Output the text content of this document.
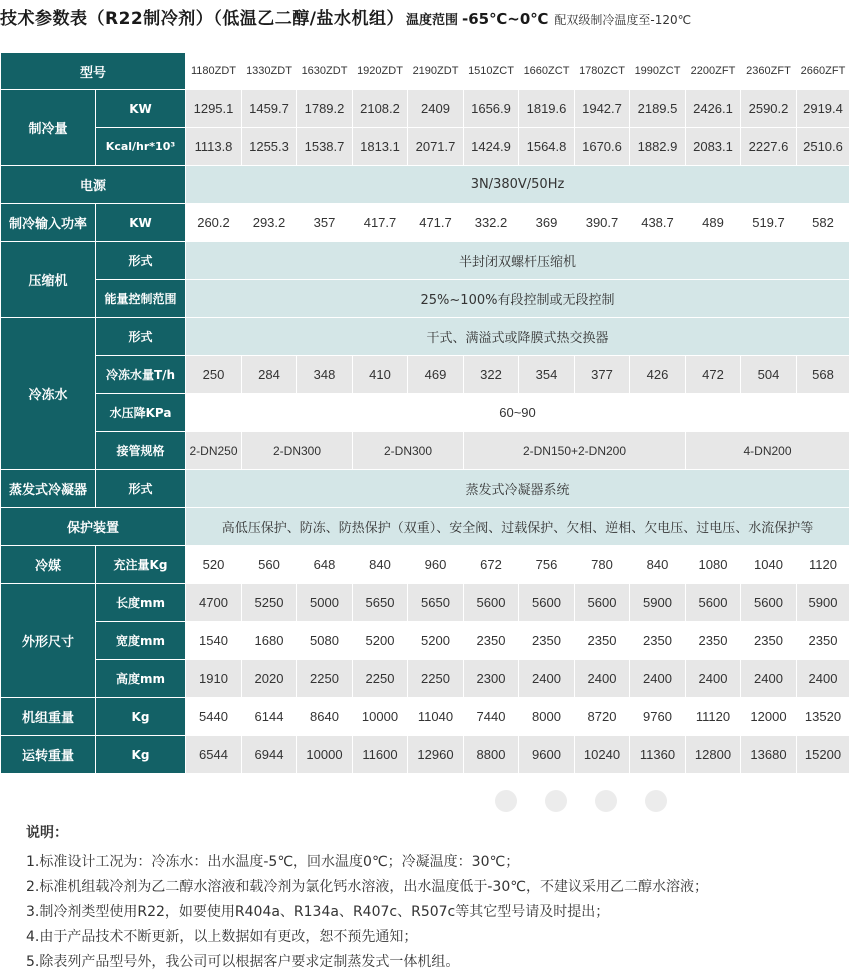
技术参数表（R22制冷剂）（低温乙二醇/盐水机组） 温度范围 -65℃~0℃ 配双级制冷温度至-120℃
型号		1180ZDT	1330ZDT	1630ZDT	1920ZDT	2190ZDT	1510ZCT	1660ZCT	1780ZCT	1990ZCT	2200ZFT	2360ZFT	2660ZFT
制冷量	KW	1295.1	1459.7	1789.2	2108.2	2409	1656.9	1819.6	1942.7	2189.5	2426.1	2590.2	2919.4
	Kcal/hr*10³	1113.8	1255.3	1538.7	1813.1	2071.7	1424.9	1564.8	1670.6	1882.9	2083.1	2227.6	2510.6
电源		3N/380V/50Hz											
制冷输入功率	KW	260.2	293.2	357	417.7	471.7	332.2	369	390.7	438.7	489	519.7	582
压缩机	形式	半封闭双螺杆压缩机											
	能量控制范围	25%~100%有段控制或无段控制											
冷冻水	形式	干式、满溢式或降膜式热交换器											
	冷冻水量T/h	250	284	348	410	469	322	354	377	426	472	504	568
	水压降KPa	60~90											
	接管规格	2-DN250	2-DN300		2-DN300		2-DN150+2-DN200				4-DN200		
蒸发式冷凝器	形式	蒸发式冷凝器系统											
保护装置		高低压保护、防冻、防热保护（双重）、安全阀、过载保护、欠相、逆相、欠电压、过电压、水流保护等											
冷媒	充注量Kg	520	560	648	840	960	672	756	780	840	1080	1040	1120
外形尺寸	长度mm	4700	5250	5000	5650	5650	5600	5600	5600	5900	5600	5600	5900
	宽度mm	1540	1680	5080	5200	5200	2350	2350	2350	2350	2350	2350	2350
	高度mm	1910	2020	2250	2250	2250	2300	2400	2400	2400	2400	2400	2400
机组重量	Kg	5440	6144	8640	10000	11040	7440	8000	8720	9760	11120	12000	13520
运转重量	Kg	6544	6944	10000	11600	12960	8800	9600	10240	11360	12800	13680	15200
说明：
1.标准设计工况为：冷冻水：出水温度-5℃，回水温度0℃；冷凝温度：30℃；
2.标准机组载冷剂为乙二醇水溶液和载冷剂为氯化钙水溶液，出水温度低于-30℃，不建议采用乙二醇水溶液；
3.制冷剂类型使用R22，如要使用R404a、R134a、R407c、R507c等其它型号请及时提出；
4.由于产品技术不断更新，以上数据如有更改，恕不预先通知；
5.除表列产品型号外，我公司可以根据客户要求定制蒸发式一体机组。
